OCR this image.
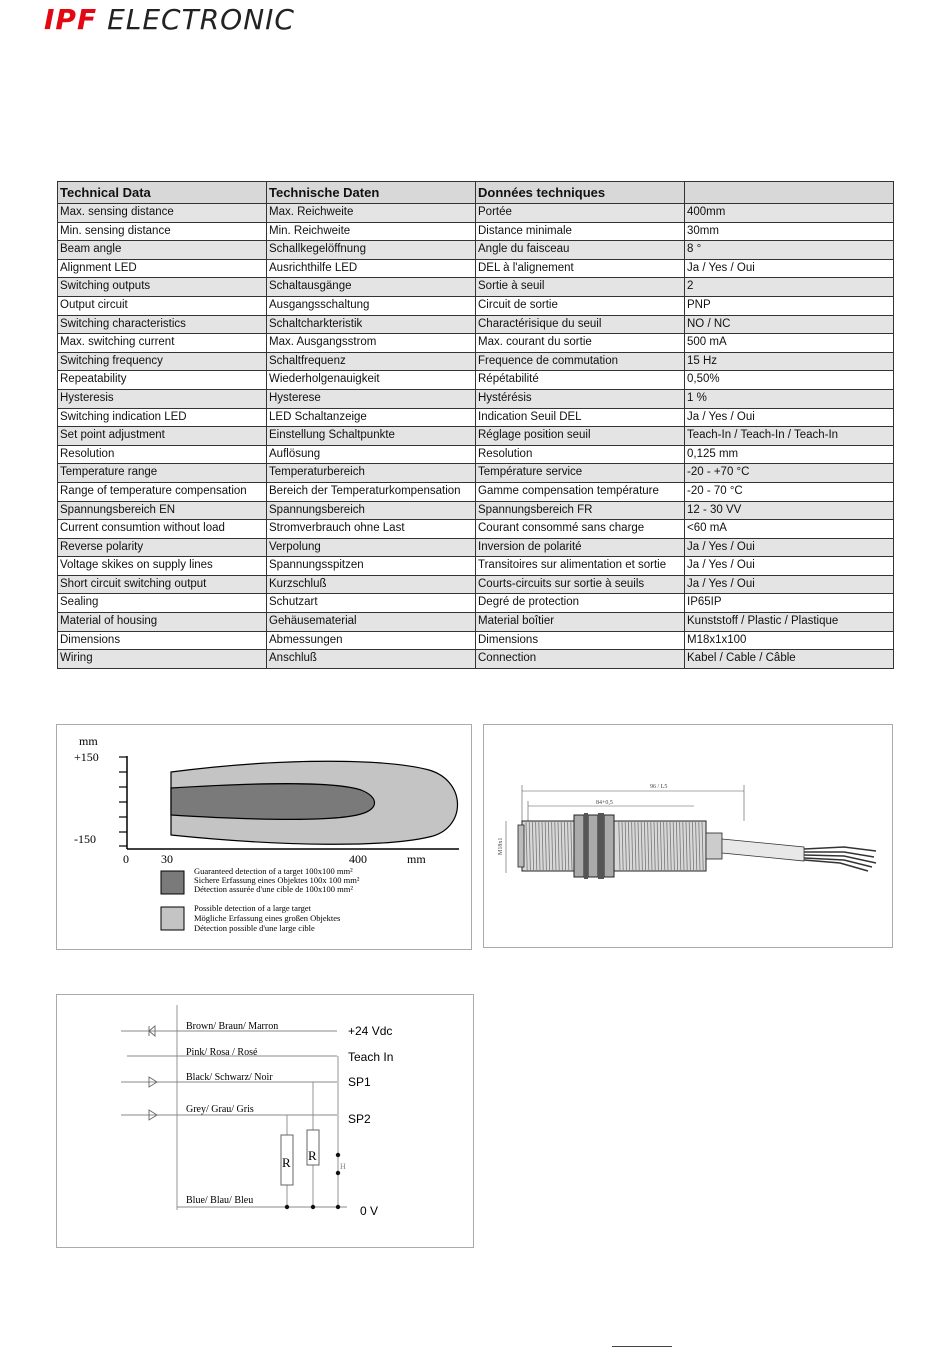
IPF ELECTRONIC
Technical Data	Technische Daten	Données techniques	
Max. sensing distance	Max. Reichweite	Portée	400mm
Min. sensing distance	Min. Reichweite	Distance minimale	30mm
Beam angle	Schallkegelöffnung	Angle du faisceau	8 °
Alignment LED	Ausrichthilfe LED	DEL à l'alignement	Ja / Yes / Oui
Switching outputs	Schaltausgänge	Sortie à seuil	2
Output circuit	Ausgangsschaltung	Circuit de sortie	PNP
Switching characteristics	Schaltcharkteristik	Charactérisique du seuil	NO / NC
Max. switching current	Max. Ausgangsstrom	Max. courant du sortie	500 mA
Switching frequency	Schaltfrequenz	Frequence de commutation	15 Hz
Repeatability	Wiederholgenauigkeit	Répétabilité	0,50%
Hysteresis	Hysterese	Hystérésis	1 %
Switching indication LED	LED Schaltanzeige	Indication Seuil DEL	Ja / Yes / Oui
Set point adjustment	Einstellung Schaltpunkte	Réglage position seuil	Teach-In / Teach-In / Teach-In
Resolution	Auflösung	Resolution	0,125 mm
Temperature range	Temperaturbereich	Température service	-20 - +70 °C
Range of temperature compensation	Bereich der Temperaturkompensation	Gamme compensation température	-20 - 70 °C
Spannungsbereich EN	Spannungsbereich	Spannungsbereich FR	12 - 30 VV
Current consumtion without load	Stromverbrauch ohne Last	Courant consommé sans charge	<60 mA
Reverse polarity	Verpolung	Inversion de polarité	Ja / Yes / Oui
Voltage skikes on supply lines	Spannungsspitzen	Transitoires sur alimentation et sortie	Ja / Yes / Oui
Short circuit switching output	Kurzschluß	Courts-circuits sur sortie à seuils	Ja / Yes / Oui
Sealing	Schutzart	Degré de protection	IP65IP
Material of housing	Gehäusematerial	Material boîtier	Kunststoff / Plastic / Plastique
Dimensions	Abmessungen	Dimensions	M18x1x100
Wiring	Anschluß	Connection	Kabel / Cable / Câble
mm
+150
-150
0	30	400	mm
Guaranteed detection of a target 100x100 mm²
Sichere Erfassung eines Objektes 100x 100 mm²
Détection assurée d'une cible de 100x100 mm²
Possible detection of a large target
Mögliche Erfassung eines großen Objektes
Détection possible d'une large cible
96 / L5
84+0,5
M18x1
R R
H
Brown/ Braun/ Marron
Pink/ Rosa / Rosé
Black/ Schwarz/ Noir
Grey/ Grau/ Gris
Blue/ Blau/ Bleu
+24 Vdc
Teach In
SP1
SP2
0 V
